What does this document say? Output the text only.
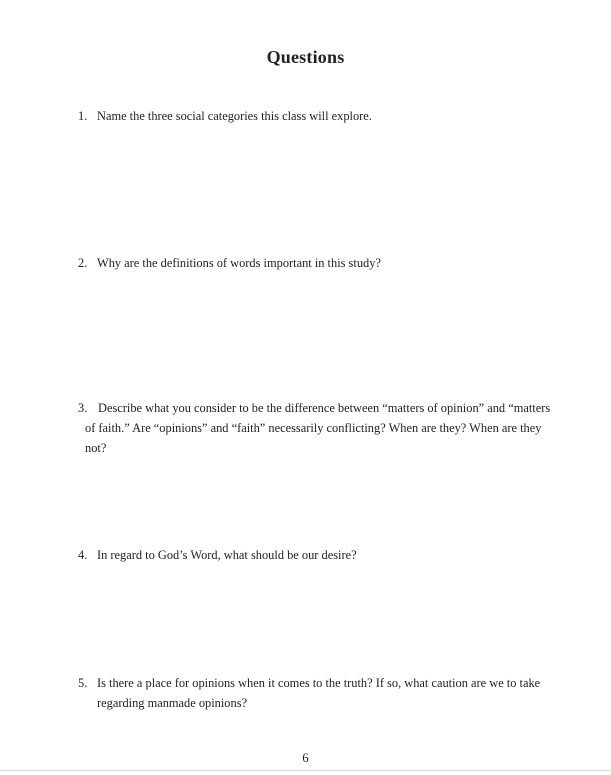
Questions
1. Name the three social categories this class will explore.
2. Why are the definitions of words important in this study?
3. Describe what you consider to be the difference between “matters of opinion” and “matters of faith.” Are “opinions” and “faith” necessarily conflicting? When are they? When are they not?
4. In regard to God’s Word, what should be our desire?
5. Is there a place for opinions when it comes to the truth? If so, what caution are we to take regarding manmade opinions?
6
